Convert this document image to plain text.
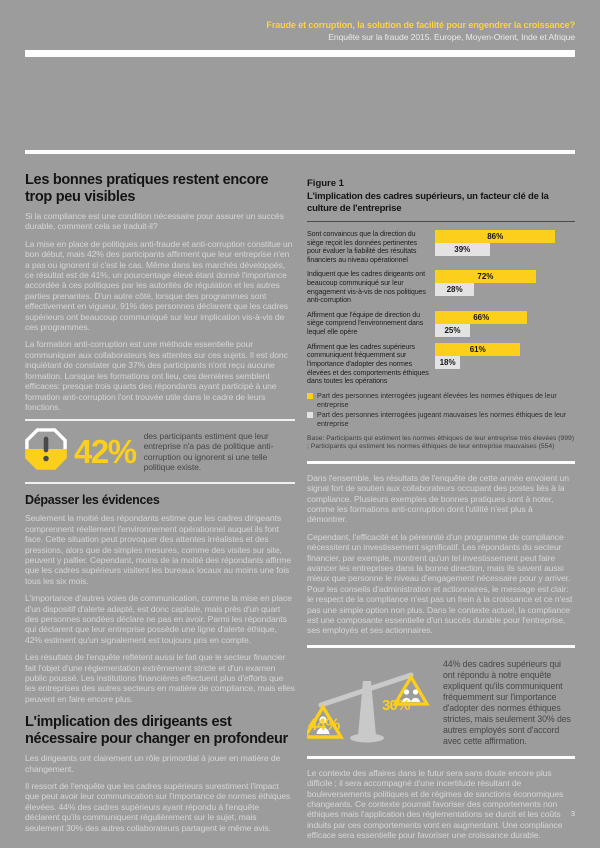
Fraude et corruption, la solution de facilité pour engendrer la croissance?
Enquête sur la fraude 2015. Europe, Moyen-Orient, Inde et Afrique
Les bonnes pratiques restent encore trop peu visibles

Si la compliance est une condition nécessaire pour assurer un succès durable, comment cela se traduit-il?

La mise en place de politiques anti-fraude et anti-corruption constitue un bon début, mais 42% des participants affirment que leur entreprise n'en a pas ou ignorent si c'est le cas. Même dans les marchés développés, ce résultat est de 41%, un pourcentage élevé étant donné l'importance accordée à ces politiques par les autorités de régulation et les autres parties prenantes. D'un autre côté, lorsque des programmes sont effectivement en vigueur, 91% des personnes déclarent que les cadres supérieurs ont beaucoup communiqué sur leur implication vis-à-vis de ces programmes.

La formation anti-corruption est une méthode essentielle pour communiquer aux collaborateurs les attentes sur ces sujets. Il est donc inquiétant de constater que 37% des participants n'ont reçu aucune formation. Lorsque les formations ont lieu, ces dernières semblent efficaces: presque trois quarts des répondants ayant participé à une formation anti-corruption l'ont trouvée utile dans le cadre de leurs fonctions.

42% des participants estiment que leur entreprise n'a pas de politique anti-corruption ou ignorent si une telle politique existe.
Dépasser les évidences

Seulement la moitié des répondants estime que les cadres dirigeants comprennent réellement l'environnement opérationnel auquel ils font face. Cette situation peut provoquer des attentes irréalistes et des pressions, alors que de simples mesures, comme des visites sur site, peuvent y pallier. Cependant, moins de la moitié des répondants affirme que les cadres supérieurs visitent les bureaux locaux au moins une fois tous les six mois.

L'importance d'autres voies de communication, comme la mise en place d'un dispositif d'alerte adapté, est donc capitale, mais près d'un quart des personnes sondées déclare ne pas en avoir. Parmi les répondants qui déclarent que leur entreprise possède une ligne d'alerte éthique, 42% estiment qu'un signalement est toujours pris en compte.

Les résultats de l'enquête reflètent aussi le fait que le secteur financier fait l'objet d'une réglementation extrêmement stricte et d'un examen public poussé. Les institutions financières effectuent plus d'efforts que les entreprises des autres secteurs en matière de compliance, mais elles peuvent en faire encore plus.

L'implication des dirigeants est nécessaire pour changer en profondeur

Les dirigeants ont clairement un rôle primordial à jouer en matière de changement.

Il ressort de l'enquête que les cadres supérieurs surestiment l'impact que peut avoir leur communication sur l'importance de normes éthiques élevées. 44% des cadres supérieurs ayant répondu à l'enquête déclarent qu'ils communiquent régulièrement sur le sujet, mais seulement 30% des autres collaborateurs partagent le même avis.

Figure 1
L'implication des cadres supérieurs, un facteur clé de la culture de l'entreprise
Sont convaincus que la direction du siège reçoit les données pertinentes pour évaluer la fiabilité des résultats financiers au niveau opérationnel
86%
39%
Indiquent que les cadres dirigeants ont beaucoup communiqué sur leur engagement vis-à-vis de nos politiques anti-corruption
72%
28%
Affirment que l'équipe de direction du siège comprend l'environnement dans lequel elle opère
66%
25%
Affirment que les cadres supérieurs communiquent fréquemment sur l'importance d'adopter des normes élevées et des comportements éthiques dans toutes les opérations
61%
18%
Part des personnes interrogées jugeant élevées les normes éthiques de leur entreprise
Part des personnes interrogées jugeant mauvaises les normes éthiques de leur entreprise
Base: Participants qui estiment les normes éthiques de leur entreprise très élevées (999) ; Participants qui estiment les normes éthiques de leur entreprise mauvaises (554)

Dans l'ensemble, les résultats de l'enquête de cette année envoient un signal fort de soutien aux collaborateurs occupant des postes liés à la compliance. Plusieurs exemples de bonnes pratiques sont à noter, comme les formations anti-corruption dont l'utilité n'est plus à démontrer.

Cependant, l'efficacité et la pérennité d'un programme de compliance nécessitent un investissement significatif. Les répondants du secteur financier, par exemple, montrent qu'un tel investissement peut faire avancer les entreprises dans la bonne direction, mais ils savent aussi mieux que personne le niveau d'engagement nécessaire pour y arriver. Pour les conseils d'administration et actionnaires, le message est clair: le respect de la compliance n'est pas un frein à la croissance et ce n'est pas une simple option non plus. Dans le contexte actuel, la compliance est une composante essentielle d'un succès durable pour l'entreprise, ses employés et ses actionnaires.

44%
30%
44% des cadres supérieurs qui ont répondu à notre enquête expliquent qu'ils communiquent fréquemment sur l'importance d'adopter des normes éthiques strictes, mais seulement 30% des autres employés sont d'accord avec cette affirmation.

Le contexte des affaires dans le futur sera sans doute encore plus difficile ; il sera accompagné d'une incertitude résultant de bouleversements politiques et de régimes de sanctions économiques changeants. Ce contexte pourrait favoriser des comportements non éthiques mais l'application des réglementations se durcit et les coûts induits par ces comportements vont en augmentant. Une compliance efficace sera essentielle pour favoriser une croissance durable.

3
